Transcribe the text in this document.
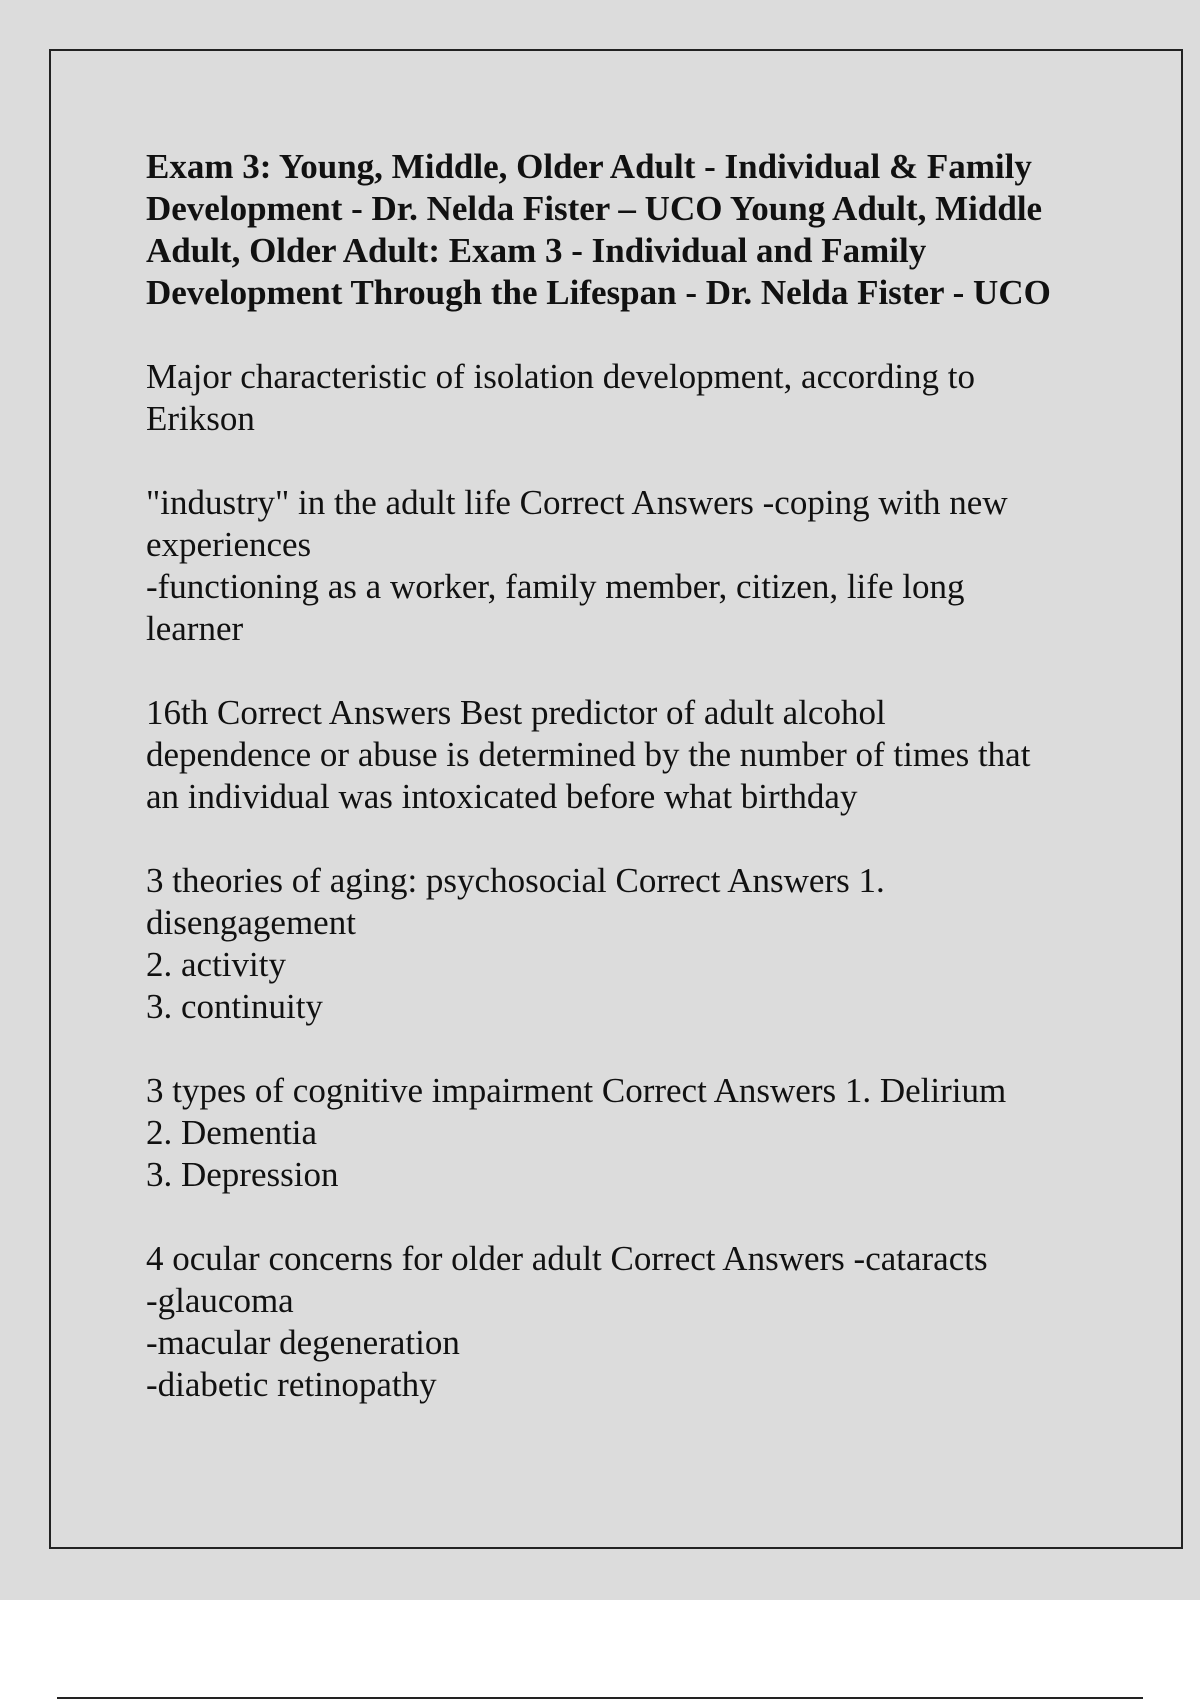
Exam 3: Young, Middle, Older Adult - Individual & Family Development - Dr. Nelda Fister – UCO Young Adult, Middle Adult, Older Adult: Exam 3 - Individual and Family Development Through the Lifespan - Dr. Nelda Fister - UCO

Major characteristic of isolation development, according to
Erikson

"industry" in the adult life Correct Answers -coping with new
experiences
-functioning as a worker, family member, citizen, life long
learner

16th Correct Answers Best predictor of adult alcohol
dependence or abuse is determined by the number of times that
an individual was intoxicated before what birthday

3 theories of aging: psychosocial Correct Answers 1.
disengagement
2. activity
3. continuity

3 types of cognitive impairment Correct Answers 1. Delirium
2. Dementia
3. Depression

4 ocular concerns for older adult Correct Answers -cataracts
-glaucoma
-macular degeneration
-diabetic retinopathy
